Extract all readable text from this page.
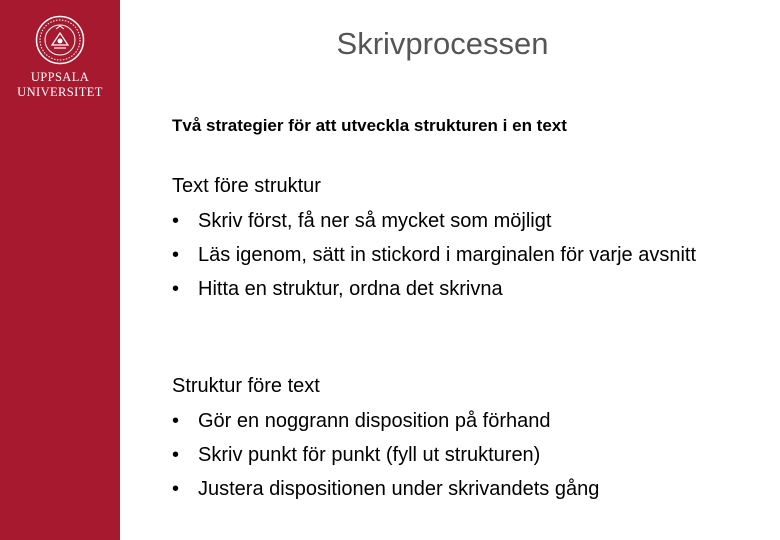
UPPSALA
UNIVERSITET
Skrivprocessen
Två strategier för att utveckla strukturen i en text
Text före struktur
• Skriv först, få ner så mycket som möjligt
• Läs igenom, sätt in stickord i marginalen för varje avsnitt
• Hitta en struktur, ordna det skrivna
Struktur före text
• Gör en noggrann disposition på förhand
• Skriv punkt för punkt (fyll ut strukturen)
• Justera dispositionen under skrivandets gång
